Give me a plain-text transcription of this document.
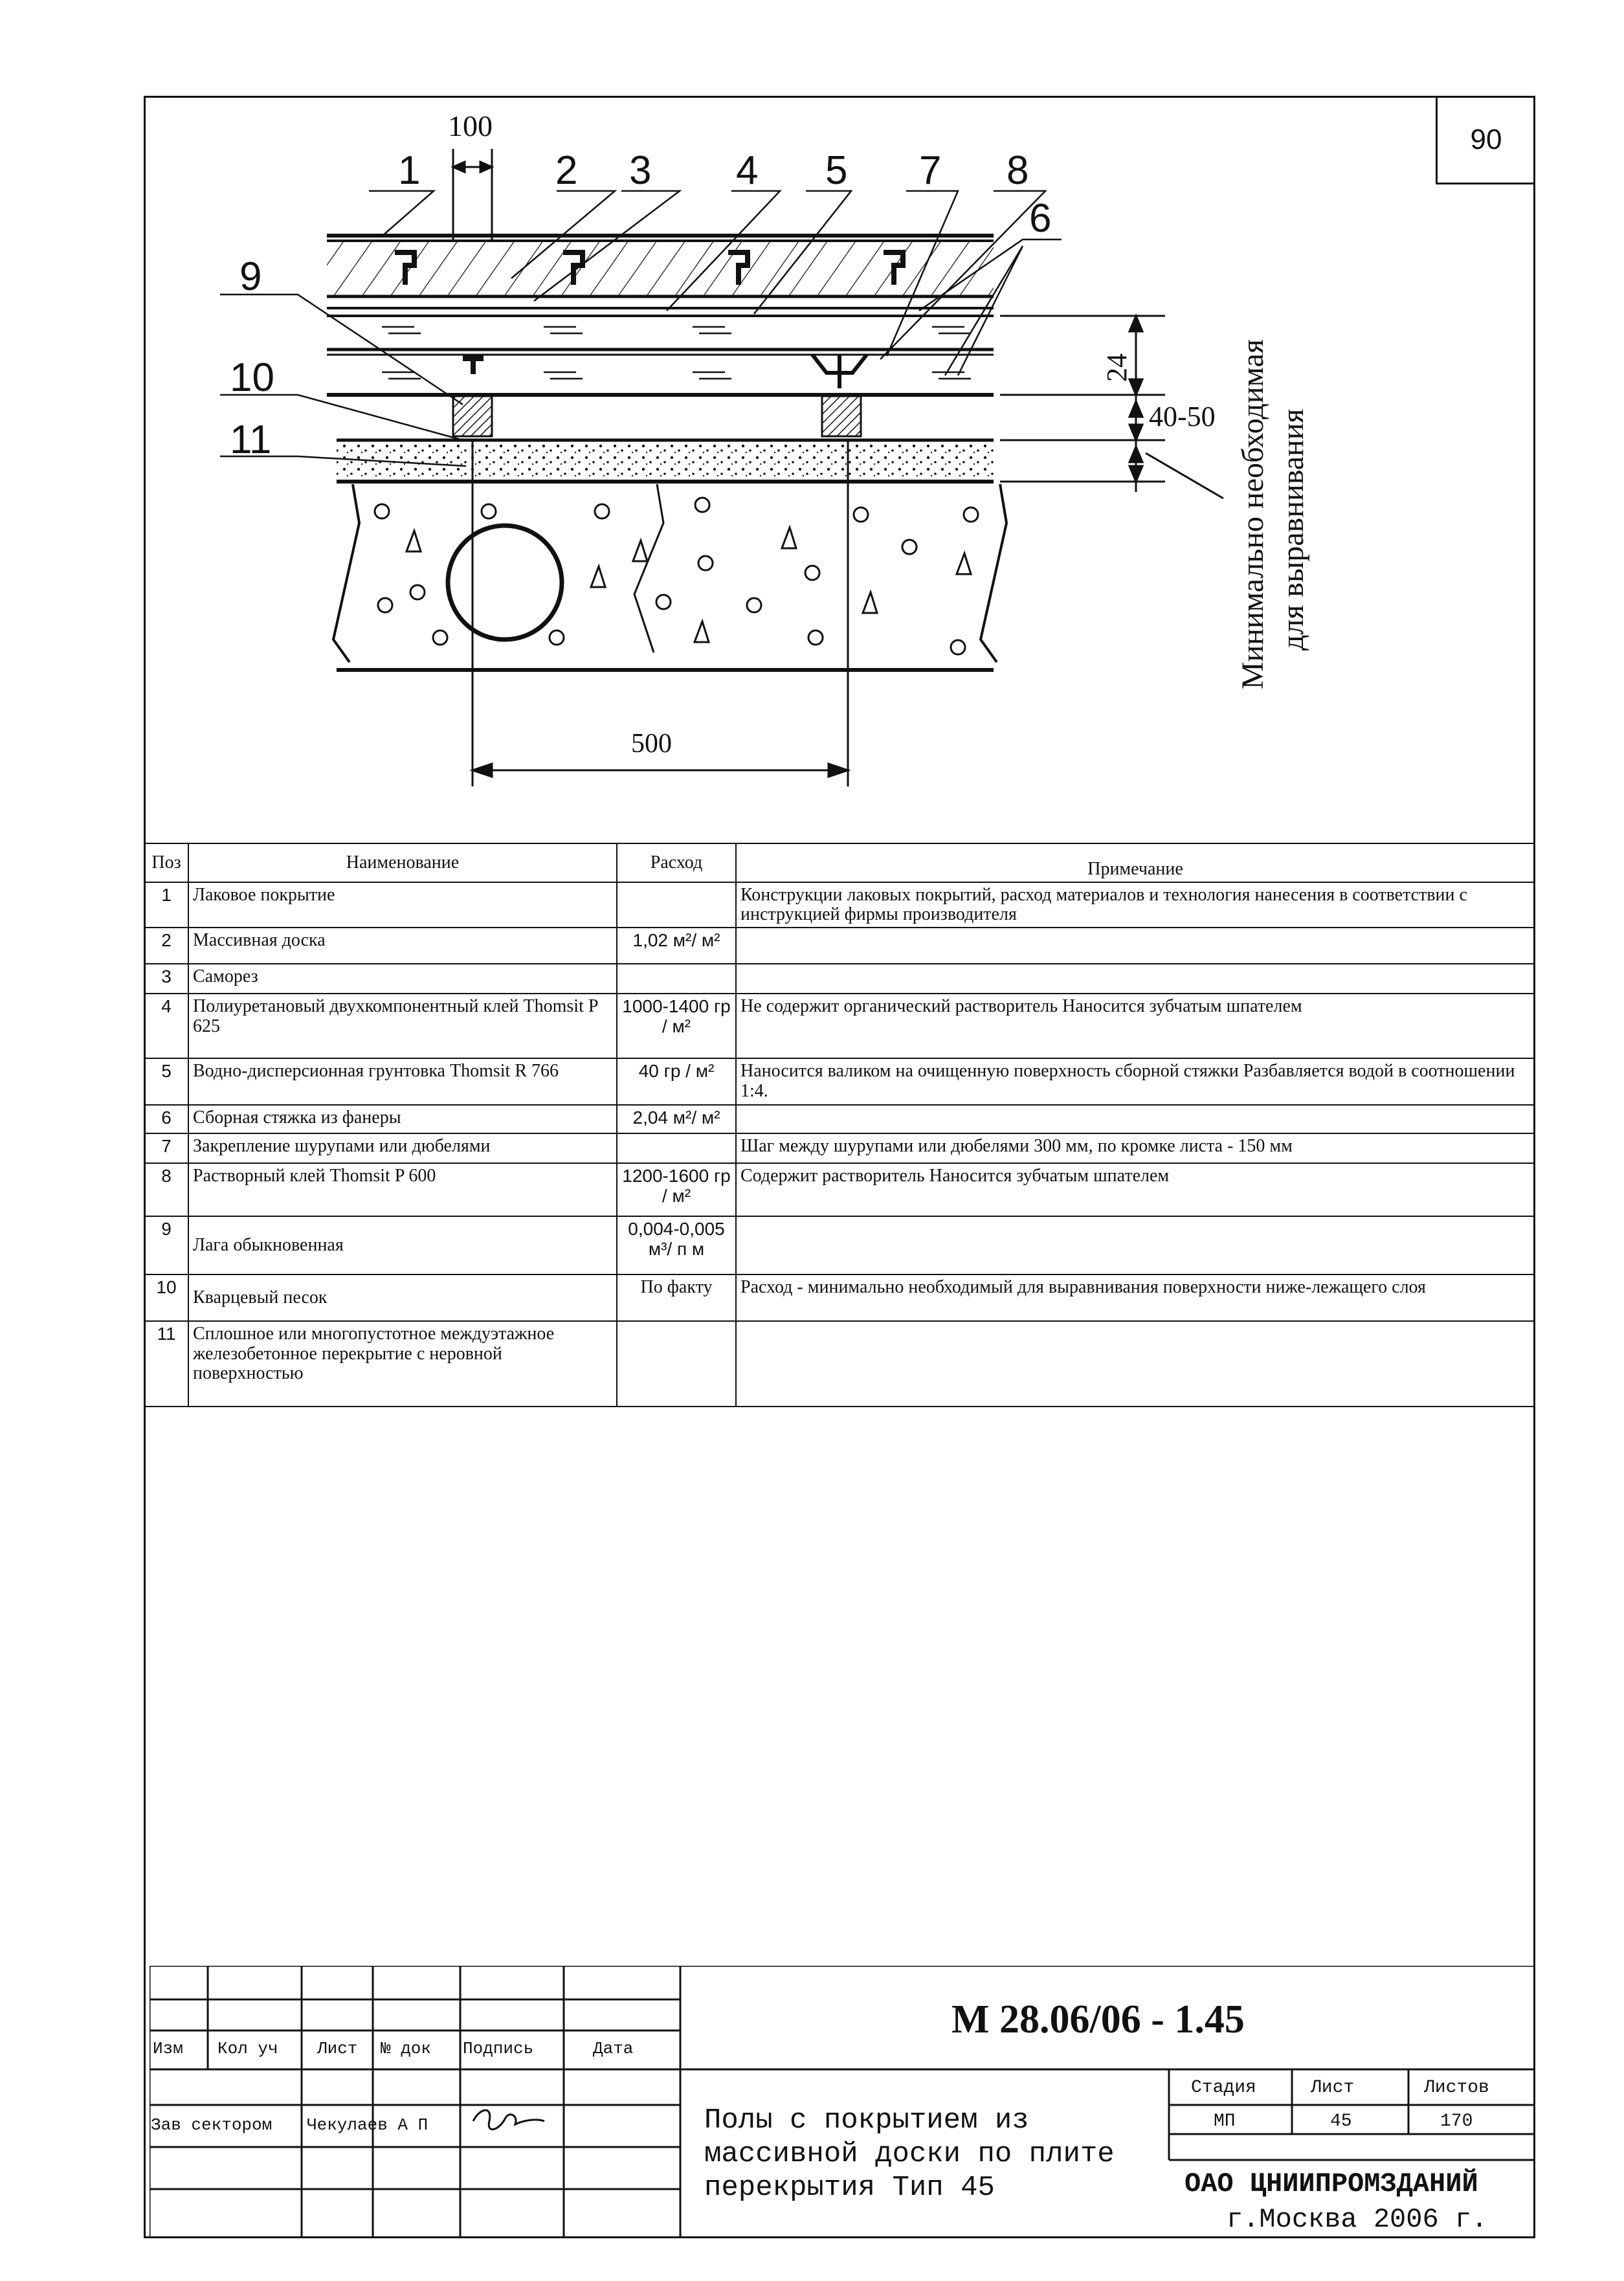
90
1	2 3 4 5 7 8
6
9
10
11
100
500
24
40-50 Минимально необходимая для выравнивания
Поз	Наименование	Расход	Примечание
1	Лаковое покрытие		Конструкции лаковых покрытий, расход материалов и технология нанесения в соответствии с инструкцией фирмы производителя
2	Массивная доска	1,02 м²/ м²	
3	Саморез		
4	Полиуретановый двухкомпонентный клей Thomsit P 625	1000-1400 гр / м²	Не содержит органический растворитель Наносится зубчатым шпателем
5	Водно-дисперсионная грунтовка Thomsit R 766	40 гр / м²	Наносится валиком на очищенную поверхность сборной стяжки Разбавляется водой в соотношении 1:4.
6	Сборная стяжка из фанеры	2,04 м²/ м²	
7	Закрепление шурупами или дюбелями		Шаг между шурупами или дюбелями 300 мм, по кромке листа - 150 мм
8	Растворный клей Thomsit P 600	1200-1600 гр / м²	Содержит растворитель Наносится зубчатым шпателем
9	Лага обыкновенная	0,004-0,005 м³/ п м	
10	Кварцевый песок	По факту	Расход - минимально необходимый для выравнивания поверхности ниже-лежащего слоя
11	Сплошное или многопустотное междуэтажное железобетонное перекрытие с неровной поверхностью		
М 28.06/06 - 1.45
Изм Кол уч Лист № док Подпись	Дата
Зав сектором Чекулаев А П	Полы с покрытием из массивной доски по плите перекрытия Тип 45
Стадия	Лист	Листов
МП	45	170
ОАО ЦНИИПРОМЗДАНИЙ
г.Москва 2006 г.
